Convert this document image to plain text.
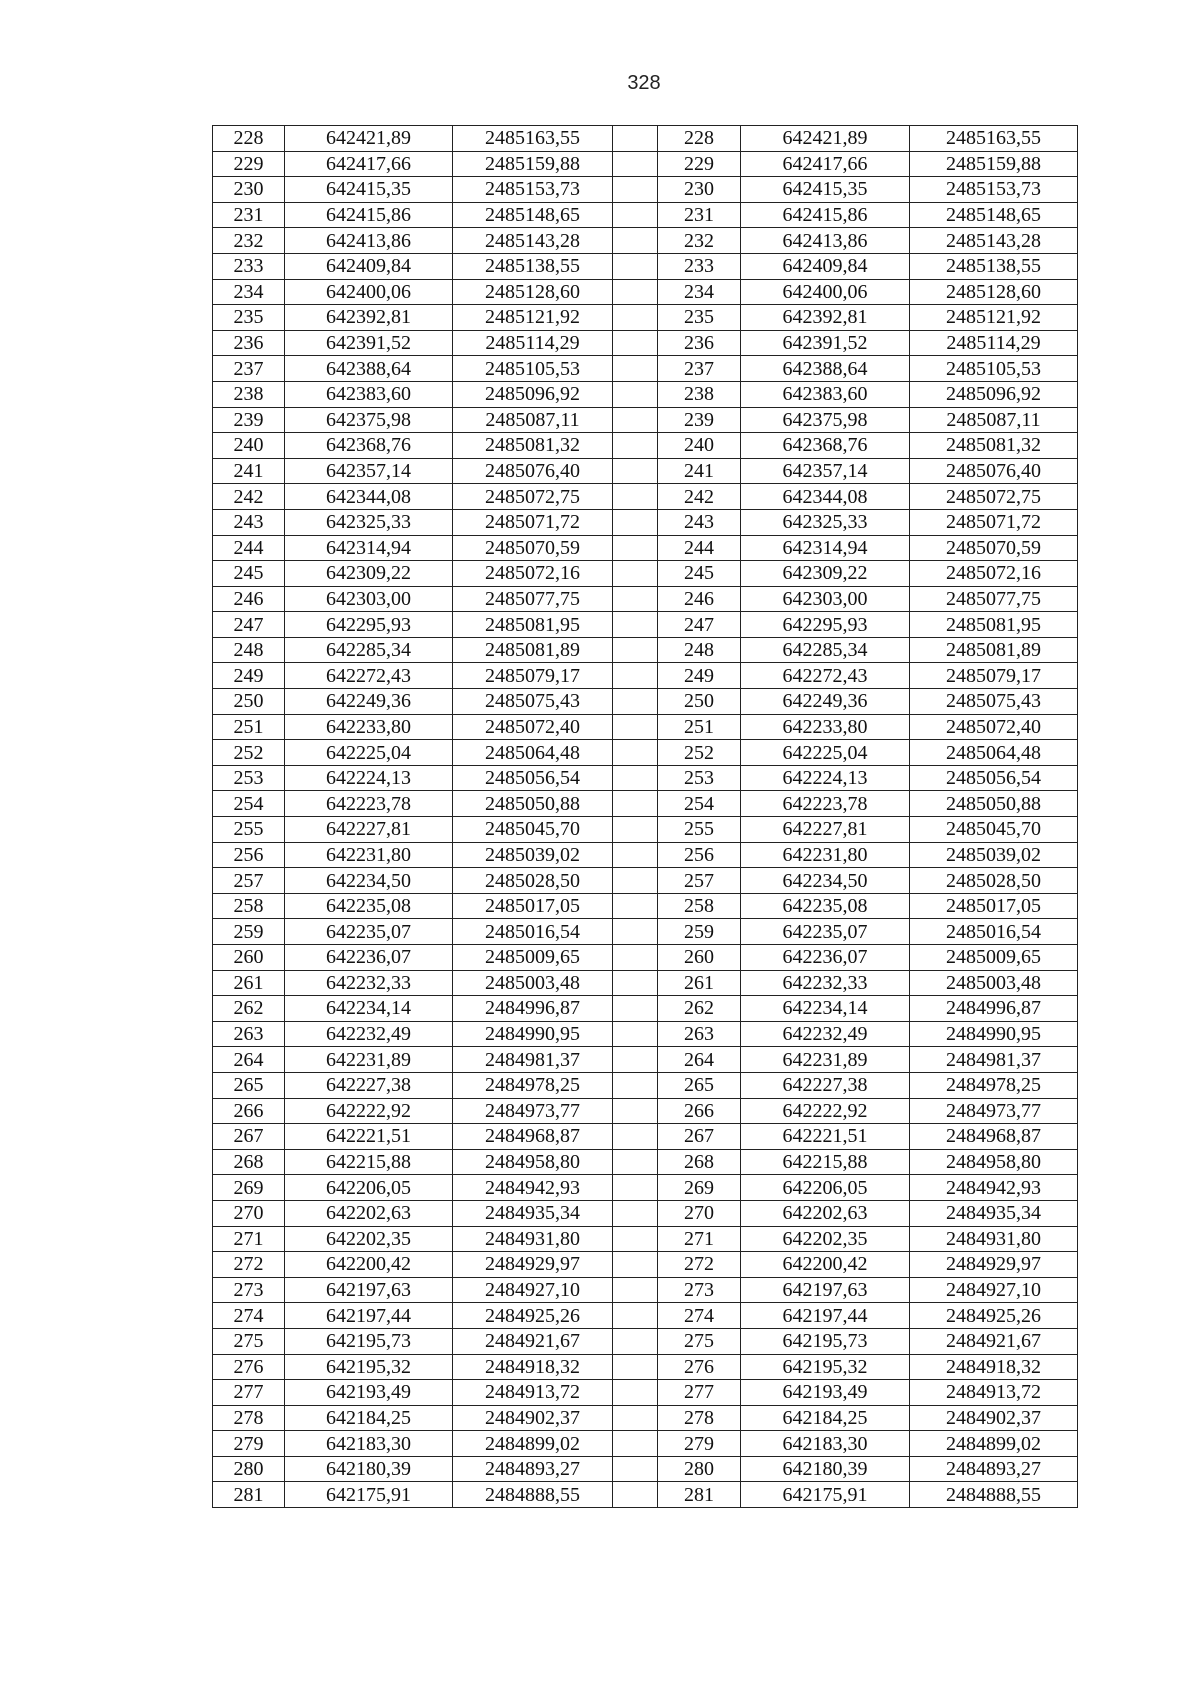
328
228	642421,89	2485163,55		228	642421,89	2485163,55
229	642417,66	2485159,88		229	642417,66	2485159,88
230	642415,35	2485153,73		230	642415,35	2485153,73
231	642415,86	2485148,65		231	642415,86	2485148,65
232	642413,86	2485143,28		232	642413,86	2485143,28
233	642409,84	2485138,55		233	642409,84	2485138,55
234	642400,06	2485128,60		234	642400,06	2485128,60
235	642392,81	2485121,92		235	642392,81	2485121,92
236	642391,52	2485114,29		236	642391,52	2485114,29
237	642388,64	2485105,53		237	642388,64	2485105,53
238	642383,60	2485096,92		238	642383,60	2485096,92
239	642375,98	2485087,11		239	642375,98	2485087,11
240	642368,76	2485081,32		240	642368,76	2485081,32
241	642357,14	2485076,40		241	642357,14	2485076,40
242	642344,08	2485072,75		242	642344,08	2485072,75
243	642325,33	2485071,72		243	642325,33	2485071,72
244	642314,94	2485070,59		244	642314,94	2485070,59
245	642309,22	2485072,16		245	642309,22	2485072,16
246	642303,00	2485077,75		246	642303,00	2485077,75
247	642295,93	2485081,95		247	642295,93	2485081,95
248	642285,34	2485081,89		248	642285,34	2485081,89
249	642272,43	2485079,17		249	642272,43	2485079,17
250	642249,36	2485075,43		250	642249,36	2485075,43
251	642233,80	2485072,40		251	642233,80	2485072,40
252	642225,04	2485064,48		252	642225,04	2485064,48
253	642224,13	2485056,54		253	642224,13	2485056,54
254	642223,78	2485050,88		254	642223,78	2485050,88
255	642227,81	2485045,70		255	642227,81	2485045,70
256	642231,80	2485039,02		256	642231,80	2485039,02
257	642234,50	2485028,50		257	642234,50	2485028,50
258	642235,08	2485017,05		258	642235,08	2485017,05
259	642235,07	2485016,54		259	642235,07	2485016,54
260	642236,07	2485009,65		260	642236,07	2485009,65
261	642232,33	2485003,48		261	642232,33	2485003,48
262	642234,14	2484996,87		262	642234,14	2484996,87
263	642232,49	2484990,95		263	642232,49	2484990,95
264	642231,89	2484981,37		264	642231,89	2484981,37
265	642227,38	2484978,25		265	642227,38	2484978,25
266	642222,92	2484973,77		266	642222,92	2484973,77
267	642221,51	2484968,87		267	642221,51	2484968,87
268	642215,88	2484958,80		268	642215,88	2484958,80
269	642206,05	2484942,93		269	642206,05	2484942,93
270	642202,63	2484935,34		270	642202,63	2484935,34
271	642202,35	2484931,80		271	642202,35	2484931,80
272	642200,42	2484929,97		272	642200,42	2484929,97
273	642197,63	2484927,10		273	642197,63	2484927,10
274	642197,44	2484925,26		274	642197,44	2484925,26
275	642195,73	2484921,67		275	642195,73	2484921,67
276	642195,32	2484918,32		276	642195,32	2484918,32
277	642193,49	2484913,72		277	642193,49	2484913,72
278	642184,25	2484902,37		278	642184,25	2484902,37
279	642183,30	2484899,02		279	642183,30	2484899,02
280	642180,39	2484893,27		280	642180,39	2484893,27
281	642175,91	2484888,55		281	642175,91	2484888,55
